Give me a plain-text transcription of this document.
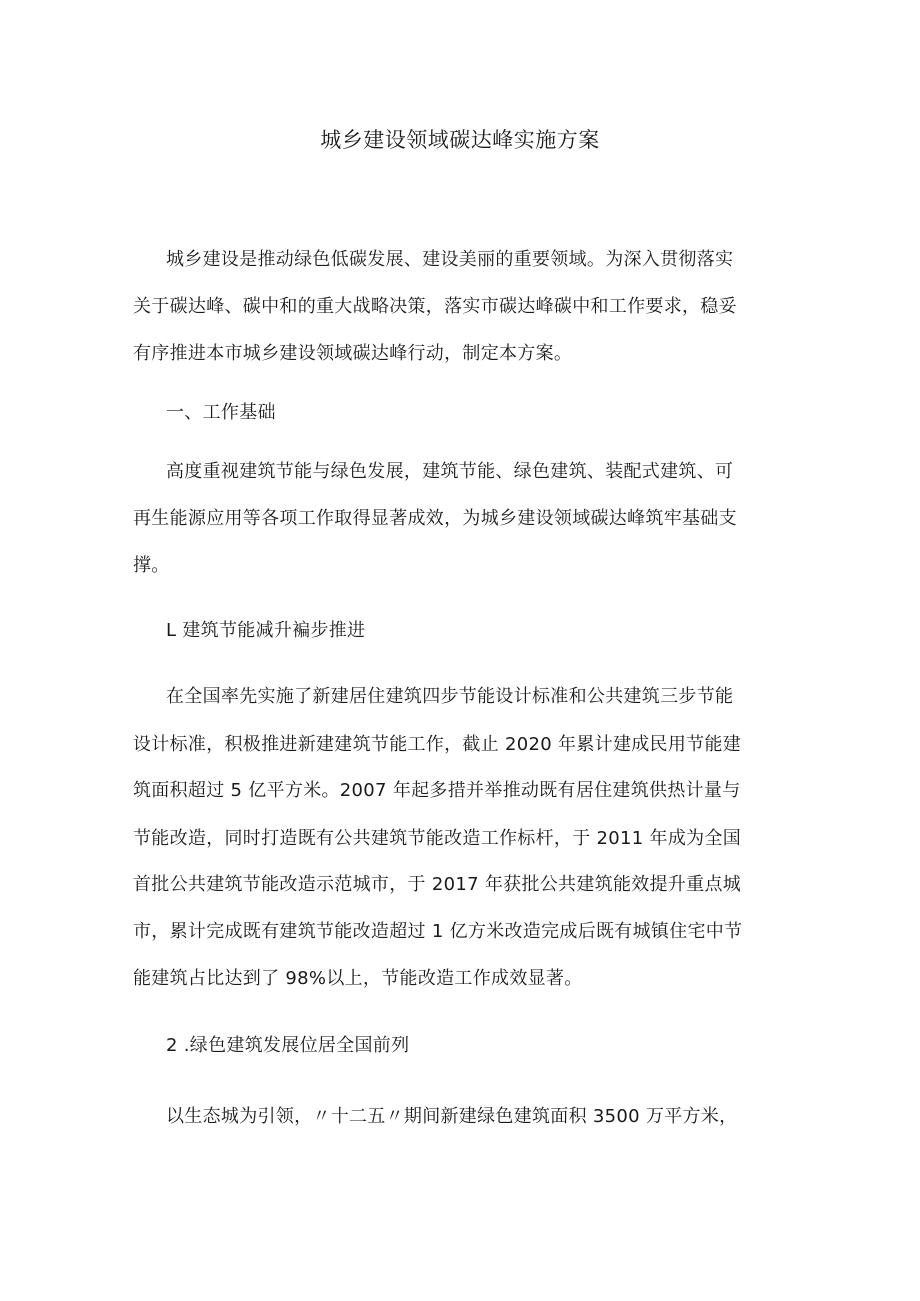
城乡建设领域碳达峰实施方案

城乡建设是推动绿色低碳发展、建设美丽的重要领域。为深入贯彻落实

关于碳达峰、碳中和的重大战略决策，落实市碳达峰碳中和工作要求，稳妥

有序推进本市城乡建设领域碳达峰行动，制定本方案。

一、工作基础

高度重视建筑节能与绿色发展，建筑节能、绿色建筑、装配式建筑、可

再生能源应用等各项工作取得显著成效，为城乡建设领域碳达峰筑牢基础支

撑。

L 建筑节能减升褊步推进

在全国率先实施了新建居住建筑四步节能设计标准和公共建筑三步节能

设计标准，积极推进新建建筑节能工作，截止 2020 年累计建成民用节能建

筑面积超过 5 亿平方米。2007 年起多措并举推动既有居住建筑供热计量与

节能改造，同时打造既有公共建筑节能改造工作标杆，于 2011 年成为全国

首批公共建筑节能改造示范城市，于 2017 年获批公共建筑能效提升重点城

市，累计完成既有建筑节能改造超过 1 亿方米改造完成后既有城镇住宅中节

能建筑占比达到了 98%以上，节能改造工作成效显著。

2 .绿色建筑发展位居全国前列

以生态城为引领，〃十二五〃期间新建绿色建筑面积 3500 万平方米，
